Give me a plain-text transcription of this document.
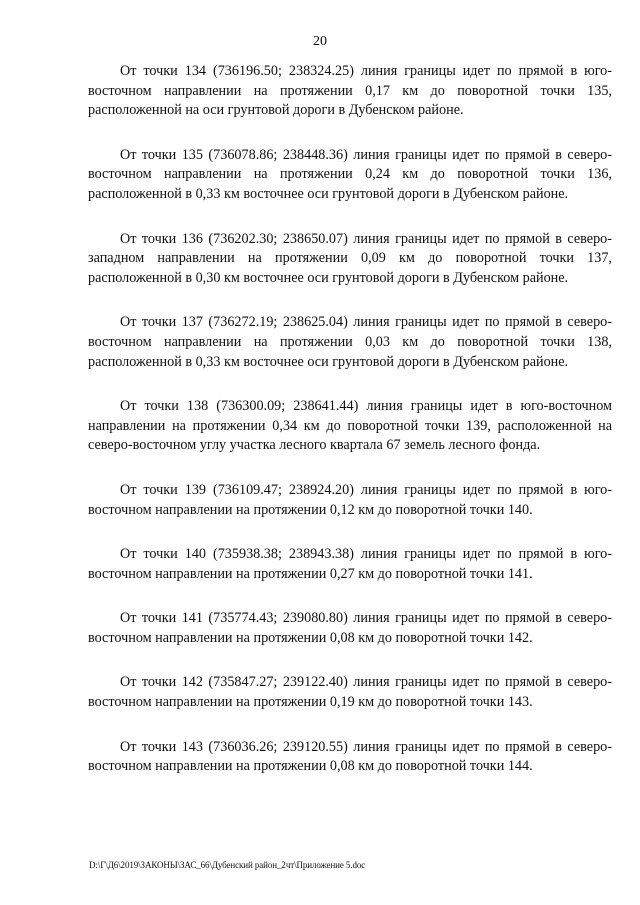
20

От точки 134 (736196.50; 238324.25) линия границы идет по прямой в юго-восточном направлении на протяжении 0,17 км до поворотной точки 135, расположенной на оси грунтовой дороги в Дубенском районе.

От точки 135 (736078.86; 238448.36) линия границы идет по прямой в северо-восточном направлении на протяжении 0,24 км до поворотной точки 136, расположенной в 0,33 км восточнее оси грунтовой дороги в Дубенском районе.

От точки 136 (736202.30; 238650.07) линия границы идет по прямой в северо-западном направлении на протяжении 0,09 км до поворотной точки 137, расположенной в 0,30 км восточнее оси грунтовой дороги в Дубенском районе.

От точки 137 (736272.19; 238625.04) линия границы идет по прямой в северо-восточном направлении на протяжении 0,03 км до поворотной точки 138, расположенной в 0,33 км восточнее оси грунтовой дороги в Дубенском районе.

От точки 138 (736300.09; 238641.44) линия границы идет в юго-восточном направлении на протяжении 0,34 км до поворотной точки 139, расположенной на северо-восточном углу участка лесного квартала 67 земель лесного фонда.

От точки 139 (736109.47; 238924.20) линия границы идет по прямой в юго-восточном направлении на протяжении 0,12 км до поворотной точки 140.

От точки 140 (735938.38; 238943.38) линия границы идет по прямой в юго-восточном направлении на протяжении 0,27 км до поворотной точки 141.

От точки 141 (735774.43; 239080.80) линия границы идет по прямой в северо-восточном направлении на протяжении 0,08 км до поворотной точки 142.

От точки 142 (735847.27; 239122.40) линия границы идет по прямой в северо-восточном направлении на протяжении 0,19 км до поворотной точки 143.

От точки 143 (736036.26; 239120.55) линия границы идет по прямой в северо-восточном направлении на протяжении 0,08 км до поворотной точки 144.

D:\Г\Д6\2019\ЗАКОНЫ\ЗАС_66\Дубенский район_2чт\Приложение 5.doc
